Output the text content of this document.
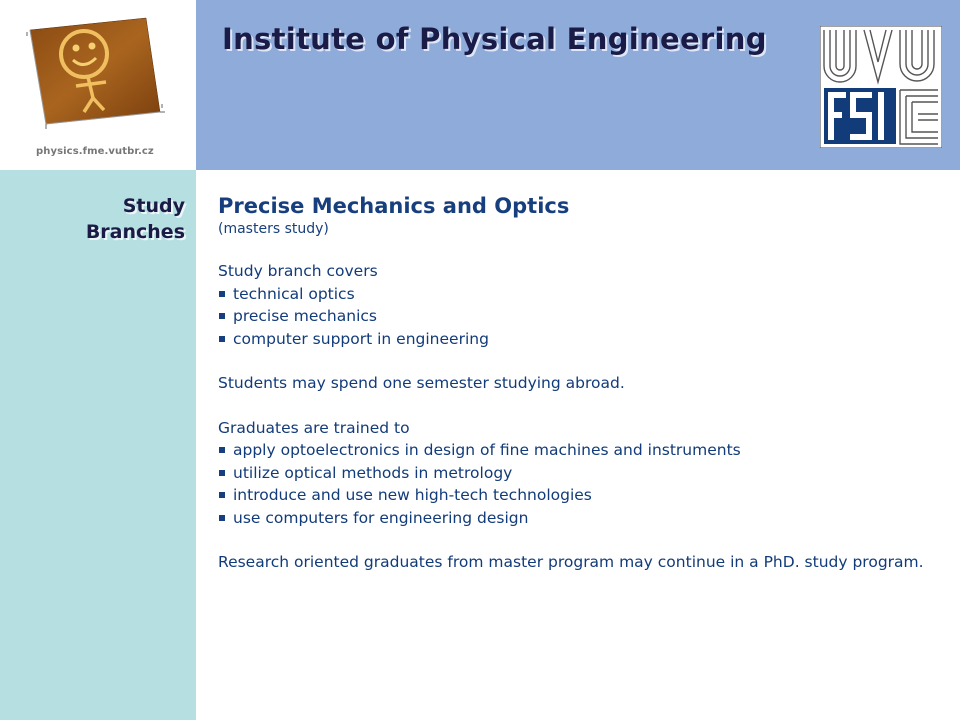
physics.fme.vutbr.cz
Institute of Physical Engineering
Study
Branches
Precise Mechanics and Optics
(masters study)
Study branch covers
technical optics
precise mechanics
computer support in engineering
Students may spend one semester studying abroad.
Graduates are trained to
apply optoelectronics in design of fine machines and instruments
utilize optical methods in metrology
introduce and use new high-tech technologies
use computers for engineering design
Research oriented graduates from master program may continue in a PhD. study program.
